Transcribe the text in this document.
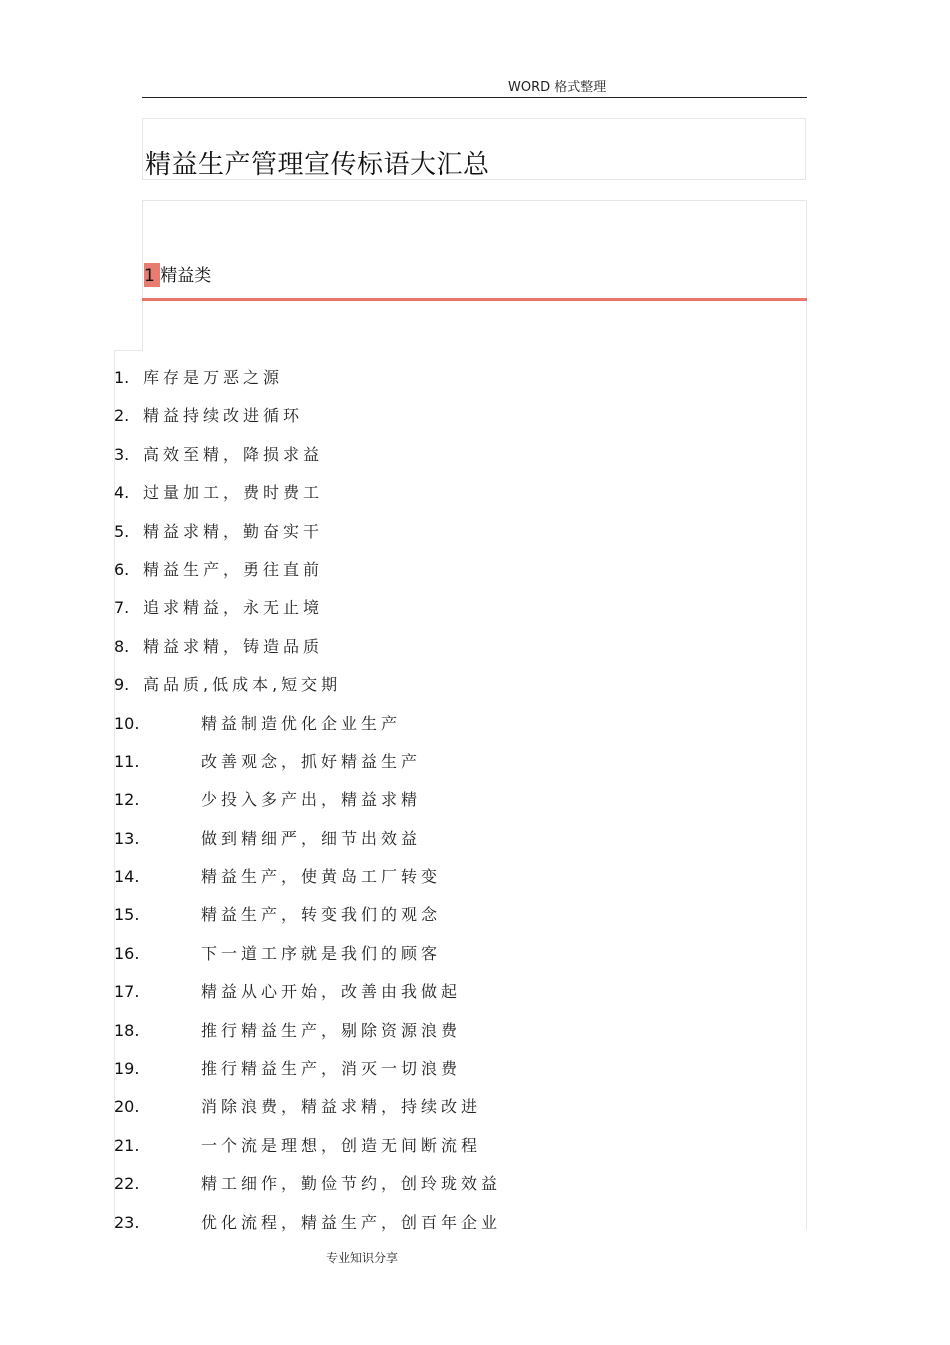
WORD 格式整理
精益生产管理宣传标语大汇总
1 精益类
1. 库存是万恶之源
2. 精益持续改进循环
3. 高效至精，降损求益
4. 过量加工，费时费工
5. 精益求精，勤奋实干
6. 精益生产，勇往直前
7. 追求精益，永无止境
8. 精益求精，铸造品质
9. 高品质,低成本,短交期
10.	精益制造优化企业生产
11.	改善观念，抓好精益生产
12.	少投入多产出，精益求精
13.	做到精细严，细节出效益
14.	精益生产，使黄岛工厂转变
15.	精益生产，转变我们的观念
16.	下一道工序就是我们的顾客
17.	精益从心开始，改善由我做起
18.	推行精益生产，剔除资源浪费
19.	推行精益生产，消灭一切浪费
20.	消除浪费，精益求精，持续改进
21.	一个流是理想，创造无间断流程
22.	精工细作，勤俭节约，创玲珑效益
23.	优化流程，精益生产，创百年企业
专业知识分享
